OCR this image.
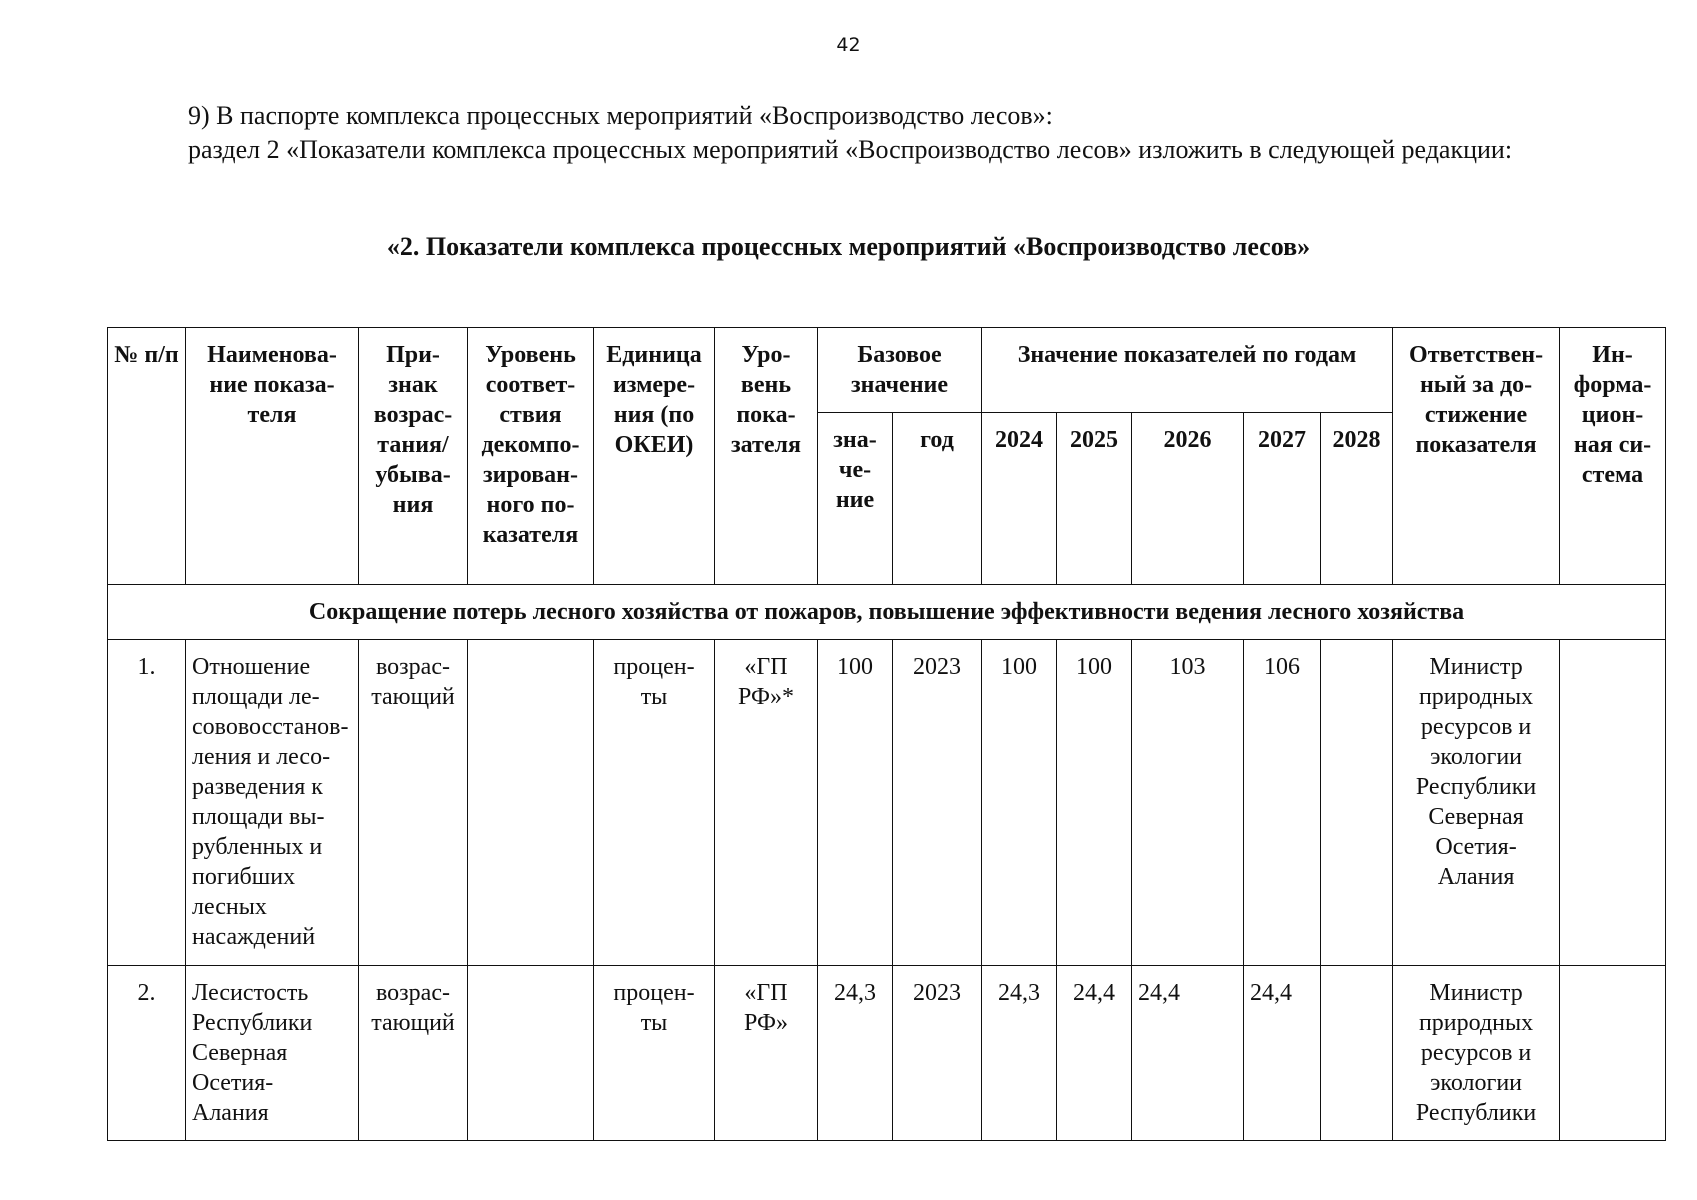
42
9) В паспорте комплекса процессных мероприятий «Воспроизводство лесов»:
раздел 2 «Показатели комплекса процессных мероприятий «Воспроизводство лесов» изложить в следующей редакции:
«2. Показатели комплекса процессных мероприятий «Воспроизводство лесов»
№ п/п	Наименова- ние показа- теля	При- знак возрас- тания/ убыва- ния	Уровень соответ- ствия декомпо- зирован- ного по- казателя	Единица измере- ния (по ОКЕИ)	Уро- вень пока- зателя	Базовое значение		Значение показателей по годам					Ответствен- ный за до- стижение показателя	Ин- форма- цион- ная си- стема
						зна- че- ние	год	2024	2025	2026	2027	2028		
Сокращение потерь лесного хозяйства от пожаров, повышение эффективности ведения лесного хозяйства														
1.	Отношение площади ле- сововосстанов- ления и лесо- разведения к площади вы- рубленных и погибших лесных насаждений	возрас- тающий		процен- ты	«ГП РФ»*	100	2023	100	100	103	106		Министр природных ресурсов и экологии Республики Северная Осетия- Алания	
2.	Лесистость Республики Северная Осетия- Алания	возрас- тающий		процен- ты	«ГП РФ»	24,3	2023	24,3	24,4	24,4	24,4		Министр природных ресурсов и экологии Республики	
